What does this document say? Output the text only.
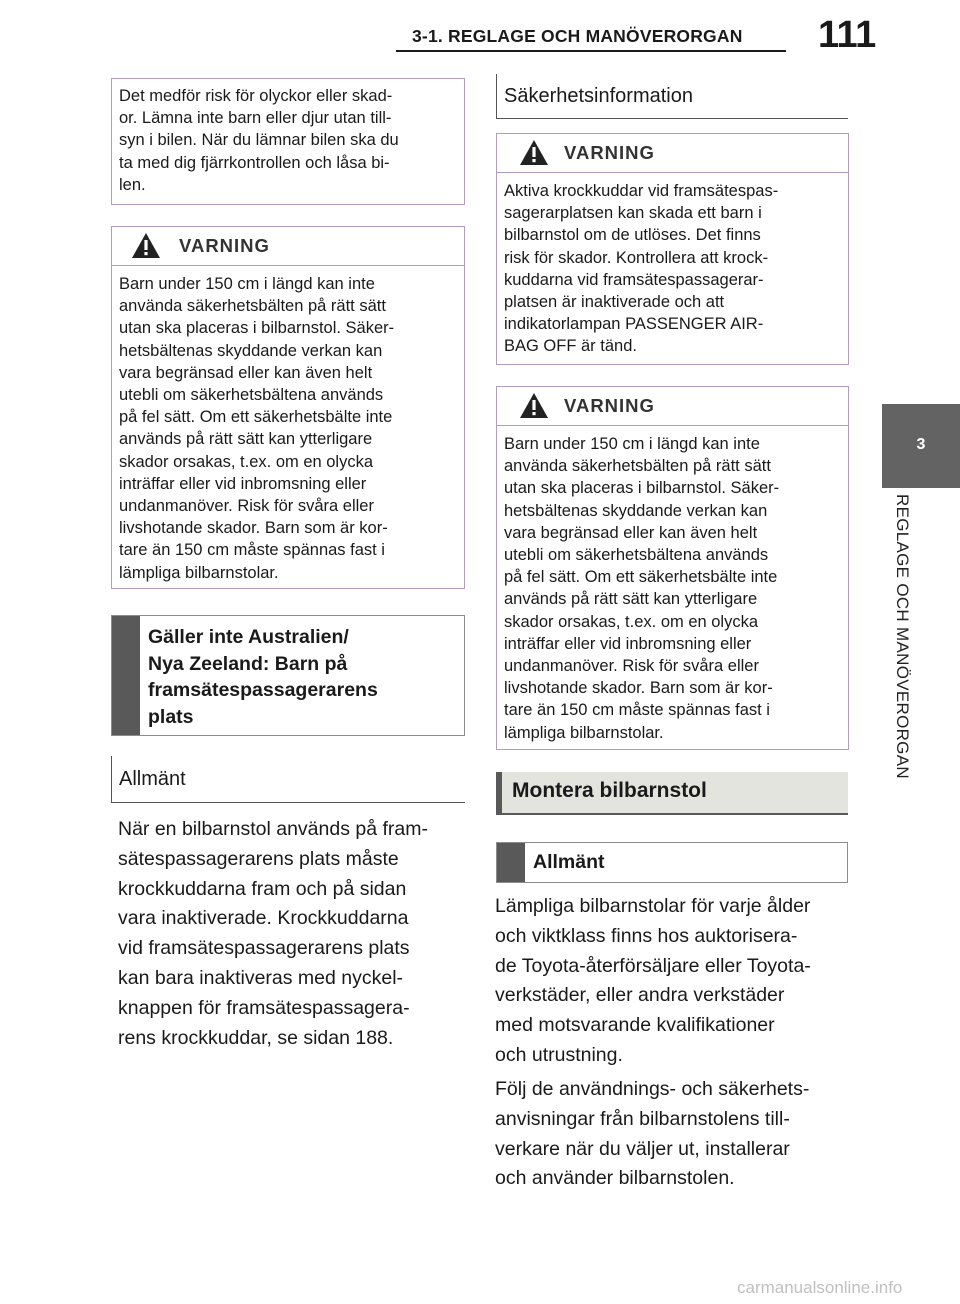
3-1. REGLAGE OCH MANÖVERORGAN 111
3
REGLAGE OCH MANÖVERORGAN
Det medför risk för olyckor eller skad-
or. Lämna inte barn eller djur utan till-
syn i bilen. När du lämnar bilen ska du
ta med dig fjärrkontrollen och låsa bi-
len.
VARNING
Barn under 150 cm i längd kan inte
använda säkerhetsbälten på rätt sätt
utan ska placeras i bilbarnstol. Säker-
hetsbältenas skyddande verkan kan
vara begränsad eller kan även helt
utebli om säkerhetsbältena används
på fel sätt. Om ett säkerhetsbälte inte
används på rätt sätt kan ytterligare
skador orsakas, t.ex. om en olycka
inträffar eller vid inbromsning eller
undanmanöver. Risk för svåra eller
livshotande skador. Barn som är kor-
tare än 150 cm måste spännas fast i
lämpliga bilbarnstolar.
Gäller inte Australien/
Nya Zeeland: Barn på
framsätespassagerarens
plats
Allmänt
När en bilbarnstol används på fram-
sätespassagerarens plats måste
krockkuddarna fram och på sidan
vara inaktiverade. Krockkuddarna
vid framsätespassagerarens plats
kan bara inaktiveras med nyckel-
knappen för framsätespassagera-
rens krockkuddar, se sidan 188.
Säkerhetsinformation
VARNING
Aktiva krockkuddar vid framsätespas-
sagerarplatsen kan skada ett barn i
bilbarnstol om de utlöses. Det finns
risk för skador. Kontrollera att krock-
kuddarna vid framsätespassagerar-
platsen är inaktiverade och att
indikatorlampan PASSENGER AIR-
BAG OFF är tänd.
VARNING
Barn under 150 cm i längd kan inte
använda säkerhetsbälten på rätt sätt
utan ska placeras i bilbarnstol. Säker-
hetsbältenas skyddande verkan kan
vara begränsad eller kan även helt
utebli om säkerhetsbältena används
på fel sätt. Om ett säkerhetsbälte inte
används på rätt sätt kan ytterligare
skador orsakas, t.ex. om en olycka
inträffar eller vid inbromsning eller
undanmanöver. Risk för svåra eller
livshotande skador. Barn som är kor-
tare än 150 cm måste spännas fast i
lämpliga bilbarnstolar.
Montera bilbarnstol
Allmänt
Lämpliga bilbarnstolar för varje ålder
och viktklass finns hos auktorisera-
de Toyota-återförsäljare eller Toyota-
verkstäder, eller andra verkstäder
med motsvarande kvalifikationer
och utrustning.
Följ de användnings- och säkerhets-
anvisningar från bilbarnstolens till-
verkare när du väljer ut, installerar
och använder bilbarnstolen.
carmanualsonline.info
